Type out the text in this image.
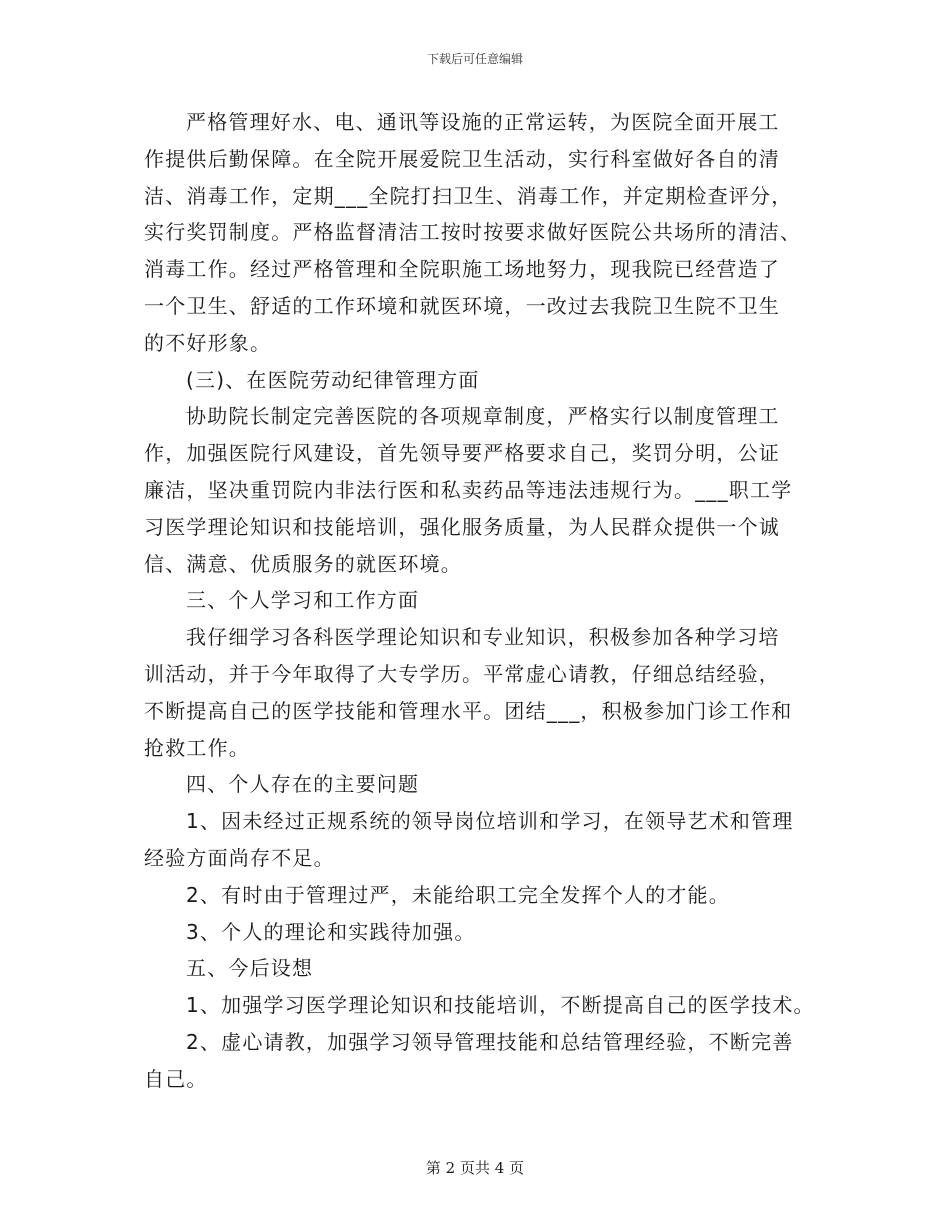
下载后可任意编辑
严格管理好水、电、通讯等设施的正常运转，为医院全面开展工
作提供后勤保障。在全院开展爱院卫生活动，实行科室做好各自的清
洁、消毒工作，定期___全院打扫卫生、消毒工作，并定期检查评分，
实行奖罚制度。严格监督清洁工按时按要求做好医院公共场所的清洁、
消毒工作。经过严格管理和全院职施工场地努力，现我院已经营造了
一个卫生、舒适的工作环境和就医环境，一改过去我院卫生院不卫生
的不好形象。
(三)、在医院劳动纪律管理方面
协助院长制定完善医院的各项规章制度，严格实行以制度管理工
作，加强医院行风建设，首先领导要严格要求自己，奖罚分明，公证
廉洁，坚决重罚院内非法行医和私卖药品等违法违规行为。___职工学
习医学理论知识和技能培训，强化服务质量，为人民群众提供一个诚
信、满意、优质服务的就医环境。
三、个人学习和工作方面
我仔细学习各科医学理论知识和专业知识，积极参加各种学习培
训活动，并于今年取得了大专学历。平常虚心请教，仔细总结经验，
不断提高自己的医学技能和管理水平。团结___，积极参加门诊工作和
抢救工作。
四、个人存在的主要问题
1、因未经过正规系统的领导岗位培训和学习，在领导艺术和管理
经验方面尚存不足。
2、有时由于管理过严，未能给职工完全发挥个人的才能。
3、个人的理论和实践待加强。
五、今后设想
1、加强学习医学理论知识和技能培训，不断提高自己的医学技术。
2、虚心请教，加强学习领导管理技能和总结管理经验，不断完善
自己。
第 2 页共 4 页
